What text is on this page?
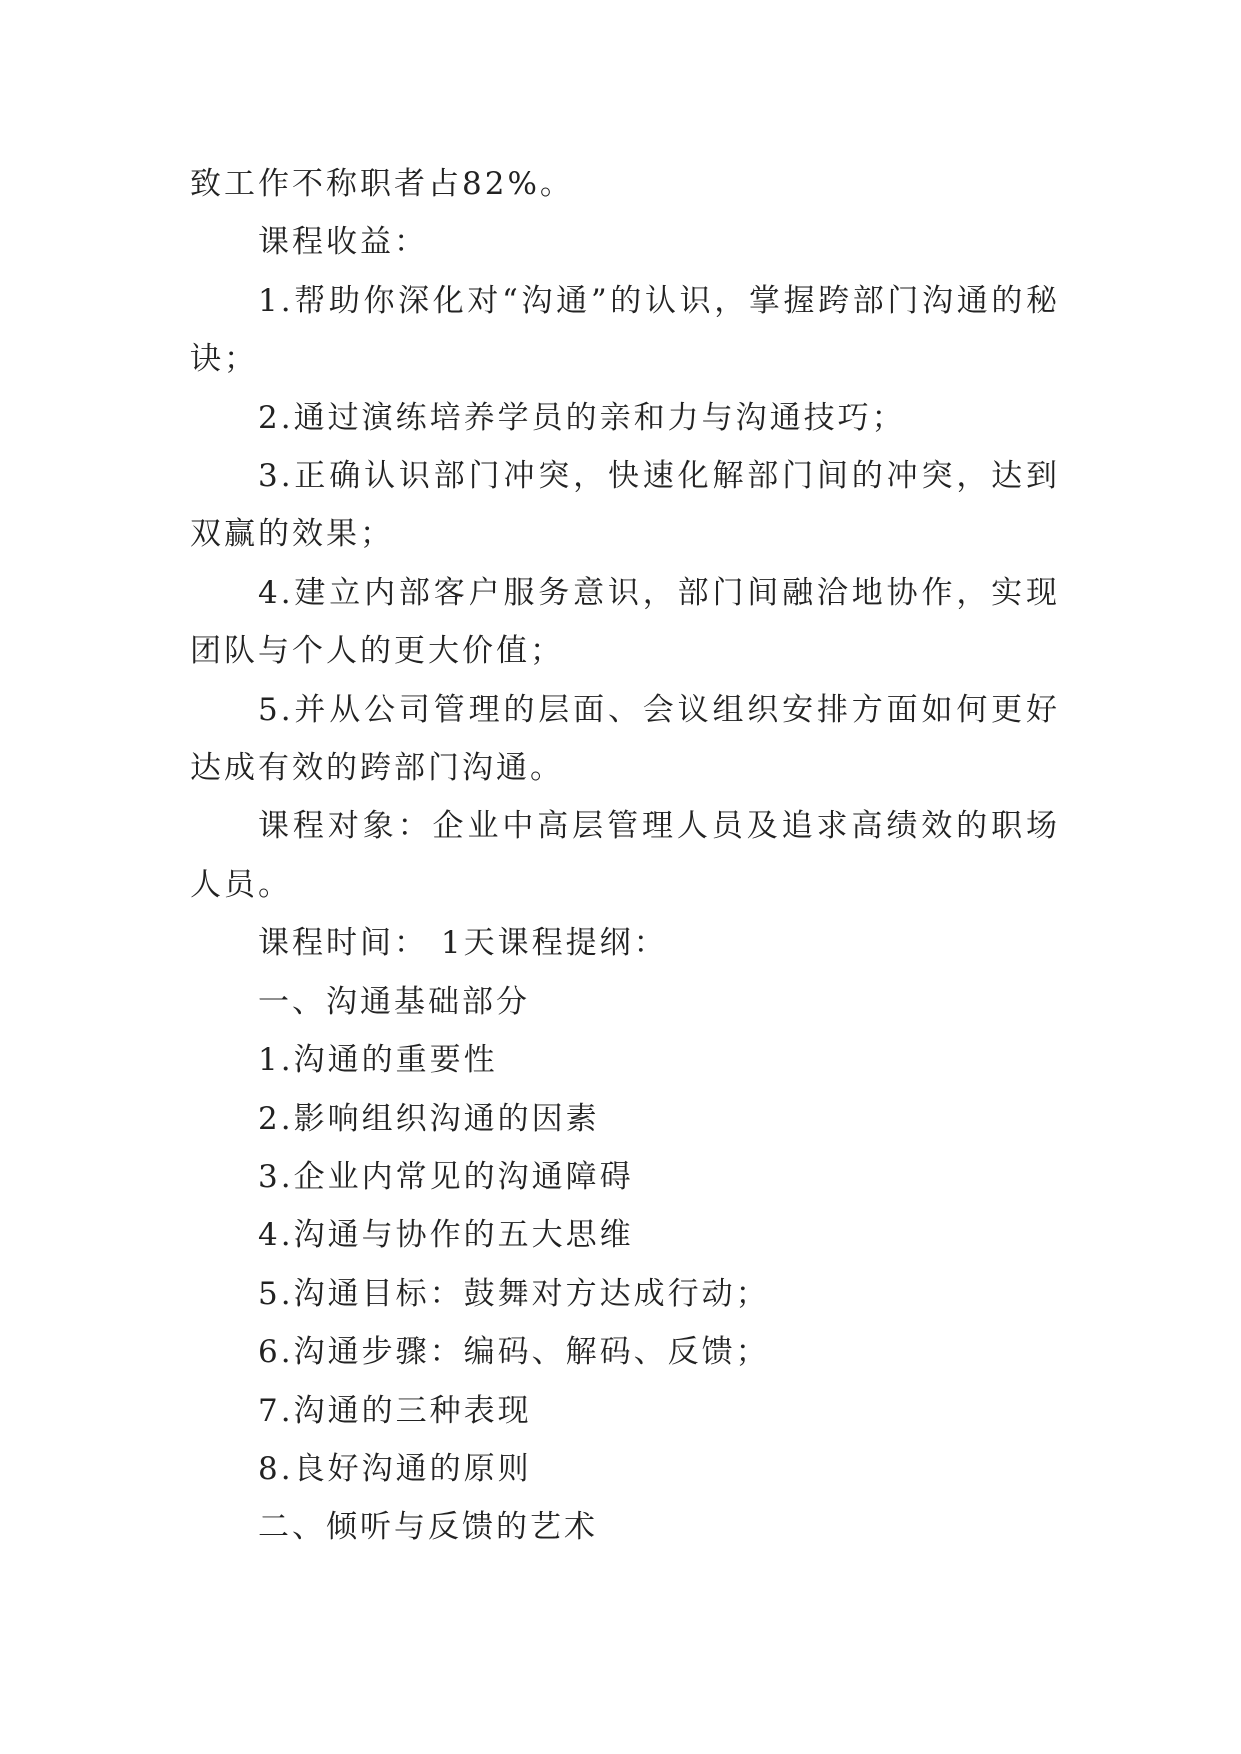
致工作不称职者占82%。

课程收益：

1.帮助你深化对“沟通”的认识，掌握跨部门沟通的秘诀；

2.通过演练培养学员的亲和力与沟通技巧；

3.正确认识部门冲突，快速化解部门间的冲突，达到双赢的效果；

4.建立内部客户服务意识，部门间融洽地协作，实现团队与个人的更大价值；

5.并从公司管理的层面、会议组织安排方面如何更好达成有效的跨部门沟通。

课程对象：企业中高层管理人员及追求高绩效的职场人员。

课程时间： 1天课程提纲：

一、沟通基础部分

1.沟通的重要性

2.影响组织沟通的因素

3.企业内常见的沟通障碍

4.沟通与协作的五大思维

5.沟通目标：鼓舞对方达成行动；

6.沟通步骤：编码、解码、反馈；

7.沟通的三种表现

8.良好沟通的原则

二、倾听与反馈的艺术
